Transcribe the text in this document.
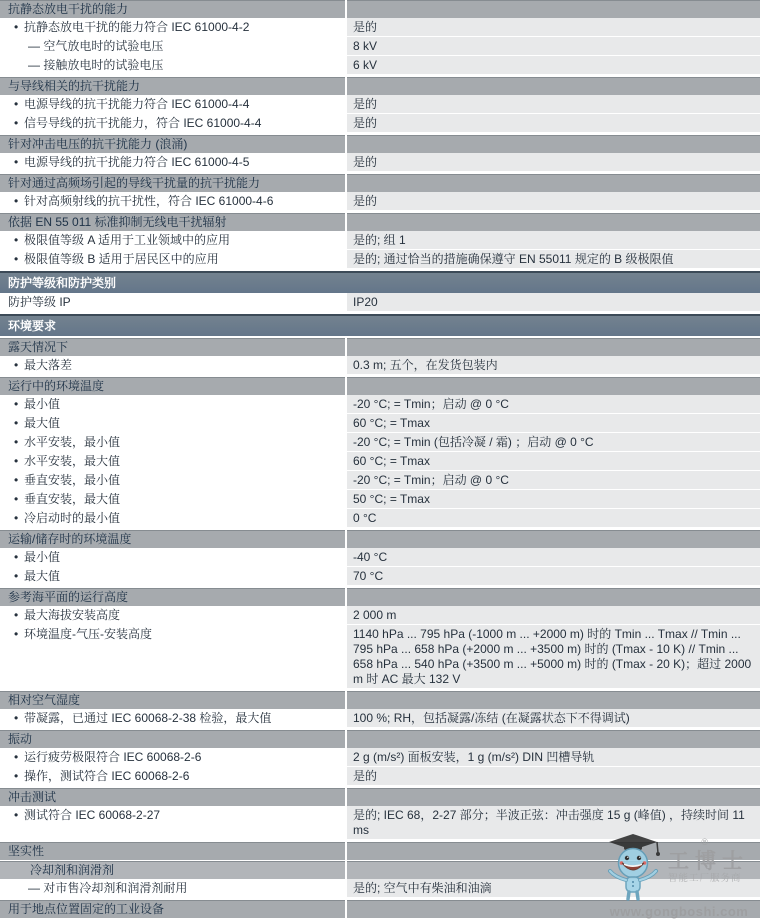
抗静态放电干扰的能力
• 抗静态放电干扰的能力符合 IEC 61000-4-2	是的
— 空气放电时的试验电压	8 kV
— 接触放电时的试验电压	6 kV
与导线相关的抗干扰能力
• 电源导线的抗干扰能力符合 IEC 61000-4-4	是的
• 信号导线的抗干扰能力，符合 IEC 61000-4-4	是的
针对冲击电压的抗干扰能力 (浪涌)
• 电源导线的抗干扰能力符合 IEC 61000-4-5	是的
针对通过高频场引起的导线干扰量的抗干扰能力
• 针对高频射线的抗干扰性，符合 IEC 61000-4-6	是的
依据 EN 55 011 标准抑制无线电干扰辐射
• 极限值等级 A 适用于工业领域中的应用	是的; 组 1
• 极限值等级 B 适用于居民区中的应用	是的; 通过恰当的措施确保遵守 EN 55011 规定的 B 级极限值
防护等级和防护类别
防护等级 IP	IP20
环境要求
露天情况下
• 最大落差	0.3 m; 五个，在发货包装内
运行中的环境温度
• 最小值	-20 °C; = Tmin；启动 @ 0 °C
• 最大值	60 °C; = Tmax
• 水平安装，最小值	-20 °C; = Tmin (包括冷凝 / 霜) ；启动 @ 0 °C
• 水平安装，最大值	60 °C; = Tmax
• 垂直安装，最小值	-20 °C; = Tmin；启动 @ 0 °C
• 垂直安装，最大值	50 °C; = Tmax
• 冷启动时的最小值	0 °C
运输/储存时的环境温度
• 最小值	-40 °C
• 最大值	70 °C
参考海平面的运行高度
• 最大海拔安装高度	2 000 m
• 环境温度-气压-安装高度	1140 hPa ... 795 hPa (-1000 m ... +2000 m) 时的 Tmin ... Tmax // Tmin ... 795 hPa ... 658 hPa (+2000 m ... +3500 m) 时的 (Tmax - 10 K) // Tmin ... 658 hPa ... 540 hPa (+3500 m ... +5000 m) 时的 (Tmax - 20 K)；超过 2000 m 时 AC 最大 132 V
相对空气湿度
• 带凝露，已通过 IEC 60068-2-38 检验，最大值	100 %; RH，包括凝露/冻结 (在凝露状态下不得调试)
振动
• 运行疲劳极限符合 IEC 60068-2-6	2 g (m/s²) 面板安装，1 g (m/s²) DIN 凹槽导轨
• 操作，测试符合 IEC 60068-2-6	是的
冲击测试
• 测试符合 IEC 60068-2-27	是的; IEC 68，2-27 部分；半波正弦：冲击强度 15 g (峰值) ，持续时间 11 ms
坚实性
冷却剂和润滑剂
— 对市售冷却剂和润滑剂耐用	是的; 空气中有柴油和油滴
用于地点位置固定的工业设备
®
工博士
智能工厂服务商
www.gongboshi.com
